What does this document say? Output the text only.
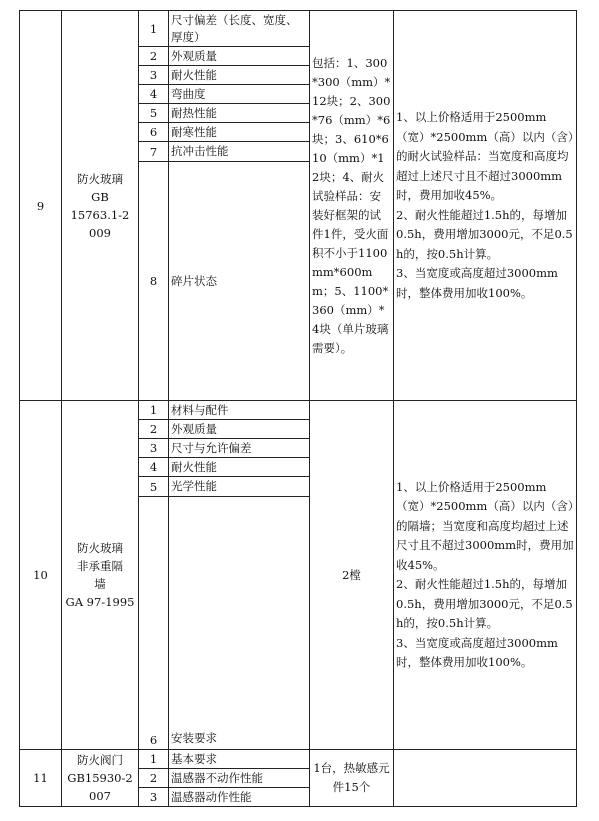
9	防火玻璃
GB
15763.1-2
009	1	尺寸偏差（长度、宽度、厚度）	包括：1、300*300（mm）*12块；2、300*76（mm）*6块；3、610*610（mm）*12块；4、耐火试验样品：安装好框架的试件1件，受火面积不小于1100mm*600mm；5、1100*360（mm）*4块（单片玻璃需要）。	1、以上价格适用于2500mm（宽）*2500mm（高）以内（含）的耐火试验样品：当宽度和高度均超过上述尺寸且不超过3000mm时，费用加收45%。
2、耐火性能超过1.5h的，每增加0.5h，费用增加3000元，不足0.5h的，按0.5h计算。
3、当宽度或高度超过3000mm时，整体费用加收100%。

		2	外观质量		
		3	耐火性能		
		4	弯曲度		
		5	耐热性能		
		6	耐寒性能		
		7	抗冲击性能		
		8	碎片状态		
10	防火玻璃
非承重隔
墙
GA 97-1995	1	材料与配件	2樘	1、以上价格适用于2500mm（宽）*2500mm（高）以内（含）的隔墙；当宽度和高度均超过上述尺寸且不超过3000mm时，费用加收45%。
2、耐火性能超过1.5h的，每增加0.5h，费用增加3000元，不足0.5h的，按0.5h计算。
3、当宽度或高度超过3000mm时，整体费用加收100%。

		2	外观质量		
		3	尺寸与允许偏差		
		4	耐火性能		
		5	光学性能		
		6	安装要求		
11	防火阀门
GB15930-2
007	1	基本要求	1台，热敏感元件15个	
		2	温感器不动作性能		
		3	温感器动作性能		
